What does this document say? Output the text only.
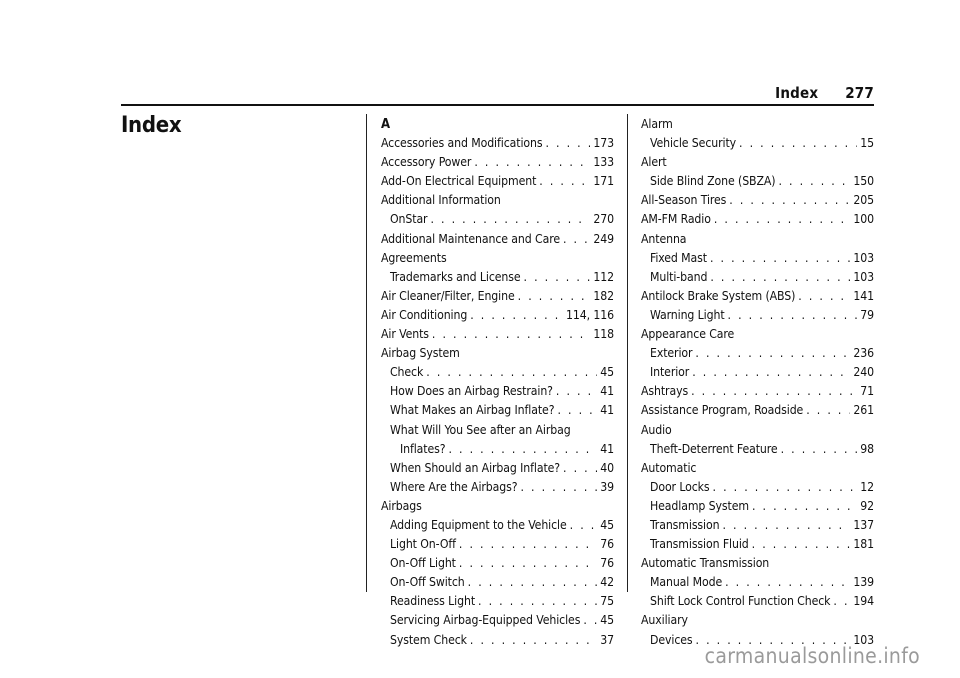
Index 277
Index	A
Accessories and Modifications . . .	173
Accessory Power . . .	133
Add-On Electrical Equipment . . .	171
Additional Information
OnStar . . .	270
Additional Maintenance and Care . . .	249
Agreements
Trademarks and License . . .	112
Air Cleaner/Filter, Engine . . .	182
Air Conditioning . . .	114, 116
Air Vents . . .	118
Airbag System
Check . . .	45
How Does an Airbag Restrain? . . .	41
What Makes an Airbag Inflate? . . .	41
What Will You See after an Airbag
Inflates? . . .	41
When Should an Airbag Inflate? . . .	40
Where Are the Airbags? . . .	39
Airbags
Adding Equipment to the Vehicle . . .	45
Light On-Off . . .	76
On-Off Light . . .	76
On-Off Switch . . .	42
Readiness Light . . .	75
Servicing Airbag-Equipped Vehicles . . . 45
System Check . . .	37
Alarm
Vehicle Security . . .	15
Alert
Side Blind Zone (SBZA) . . .	150
All-Season Tires . . .	205
AM-FM Radio . . .	100
Antenna
Fixed Mast . . .	103
Multi-band . . .	103
Antilock Brake System (ABS) . . .	141
Warning Light . . .	79
Appearance Care
Exterior . . .	236
Interior . . .	240
Ashtrays . . .	71
Assistance Program, Roadside . . .	261
Audio
Theft-Deterrent Feature . . .	98
Automatic
Door Locks . . .	12
Headlamp System . . .	92
Transmission . . .	137
Transmission Fluid . . .	181
Automatic Transmission
Manual Mode . . .	139
Shift Lock Control Function Check . . . 194
Auxiliary
Devices . . .	103
carmanualsonline.info
